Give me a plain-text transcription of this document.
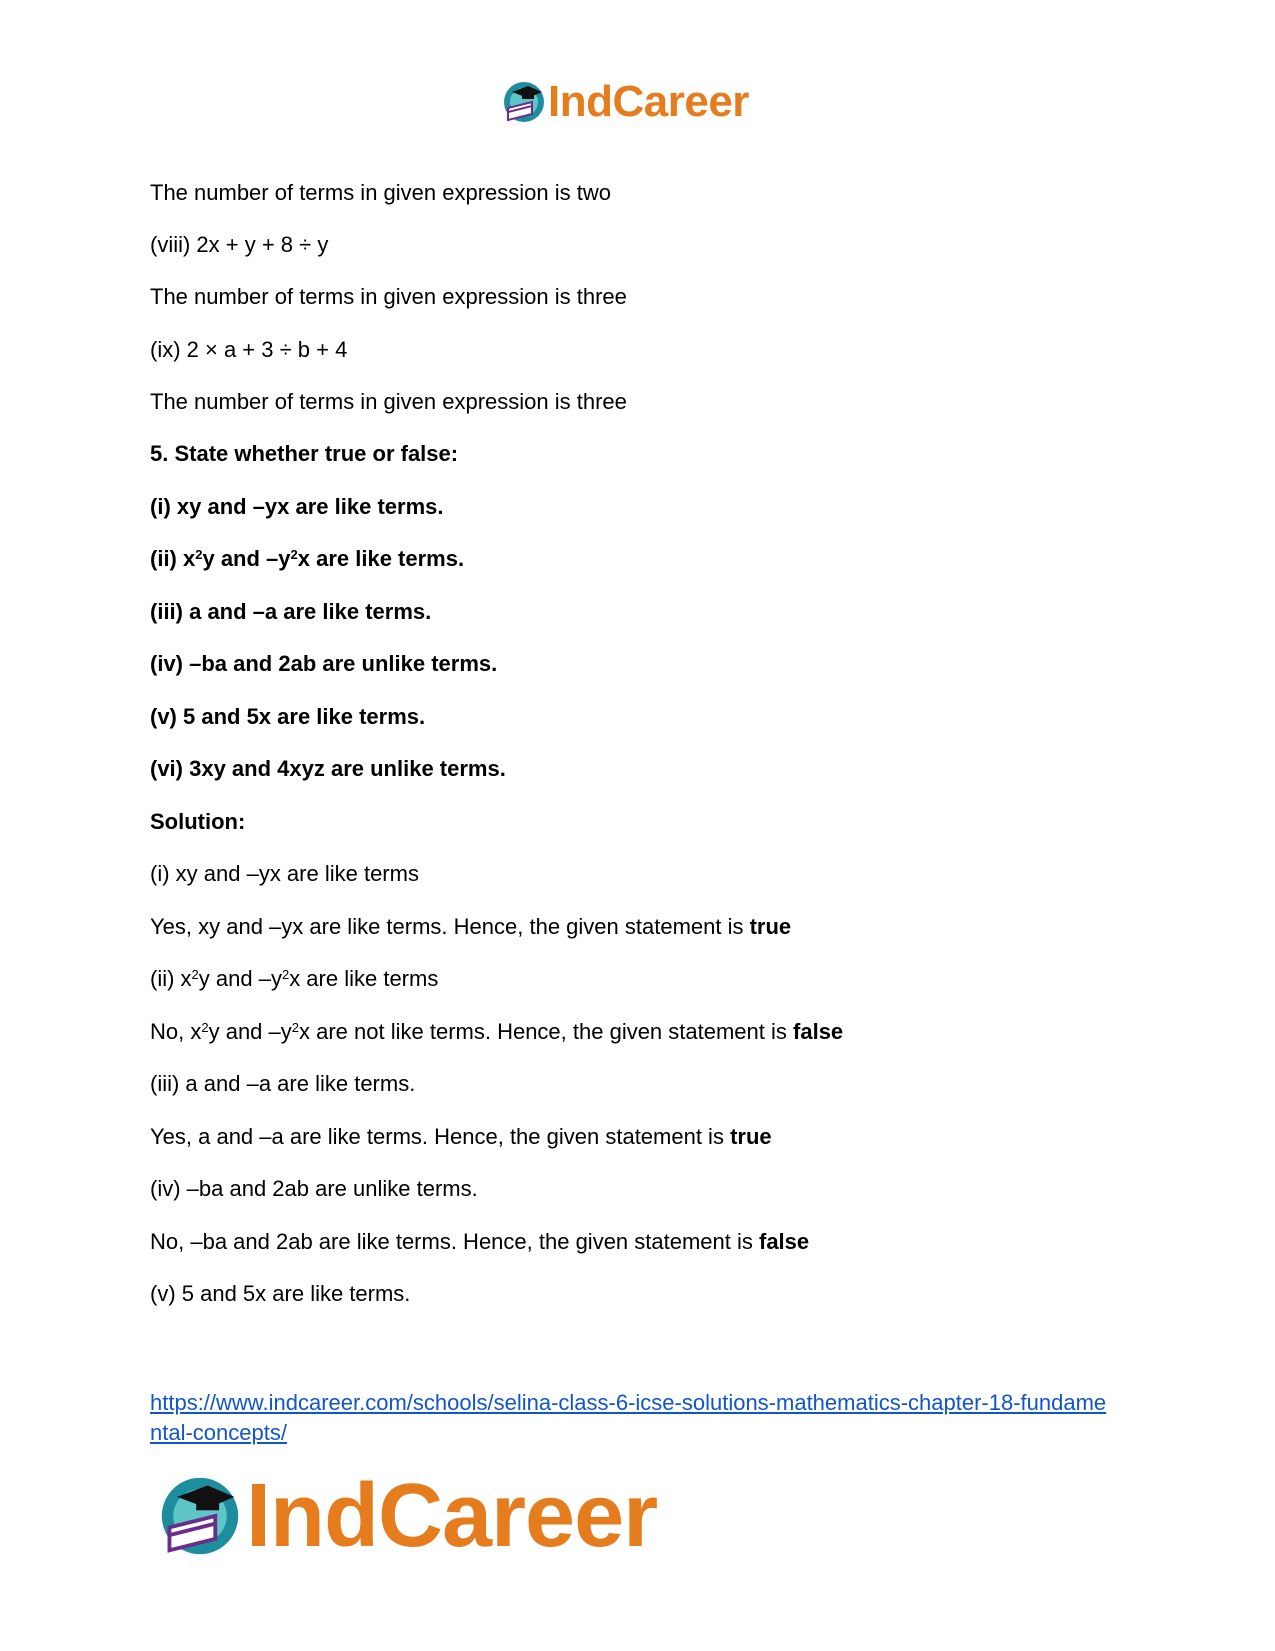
IndCareer
The number of terms in given expression is two
(viii) 2x + y + 8 ÷ y
The number of terms in given expression is three
(ix) 2 × a + 3 ÷ b + 4
The number of terms in given expression is three
5. State whether true or false:
(i) xy and –yx are like terms.
(ii) $x^2y$ and $-y^2x$ are like terms.
(iii) a and –a are like terms.
(iv) –ba and 2ab are unlike terms.
(v) 5 and 5x are like terms.
(vi) 3xy and 4xyz are unlike terms.
Solution:
(i) xy and –yx are like terms
Yes, xy and –yx are like terms. Hence, the given statement is true
(ii) $x^2y$ and $-y^2x$ are like terms
No, $x^2y$ and $-y^2x$ are not like terms. Hence, the given statement is false
(iii) a and –a are like terms.
Yes, a and –a are like terms. Hence, the given statement is true
(iv) –ba and 2ab are unlike terms.
No, –ba and 2ab are like terms. Hence, the given statement is false
(v) 5 and 5x are like terms.
https://www.indcareer.com/schools/selina-class-6-icse-solutions-mathematics-chapter-18-fundamental-concepts/
IndCareer
